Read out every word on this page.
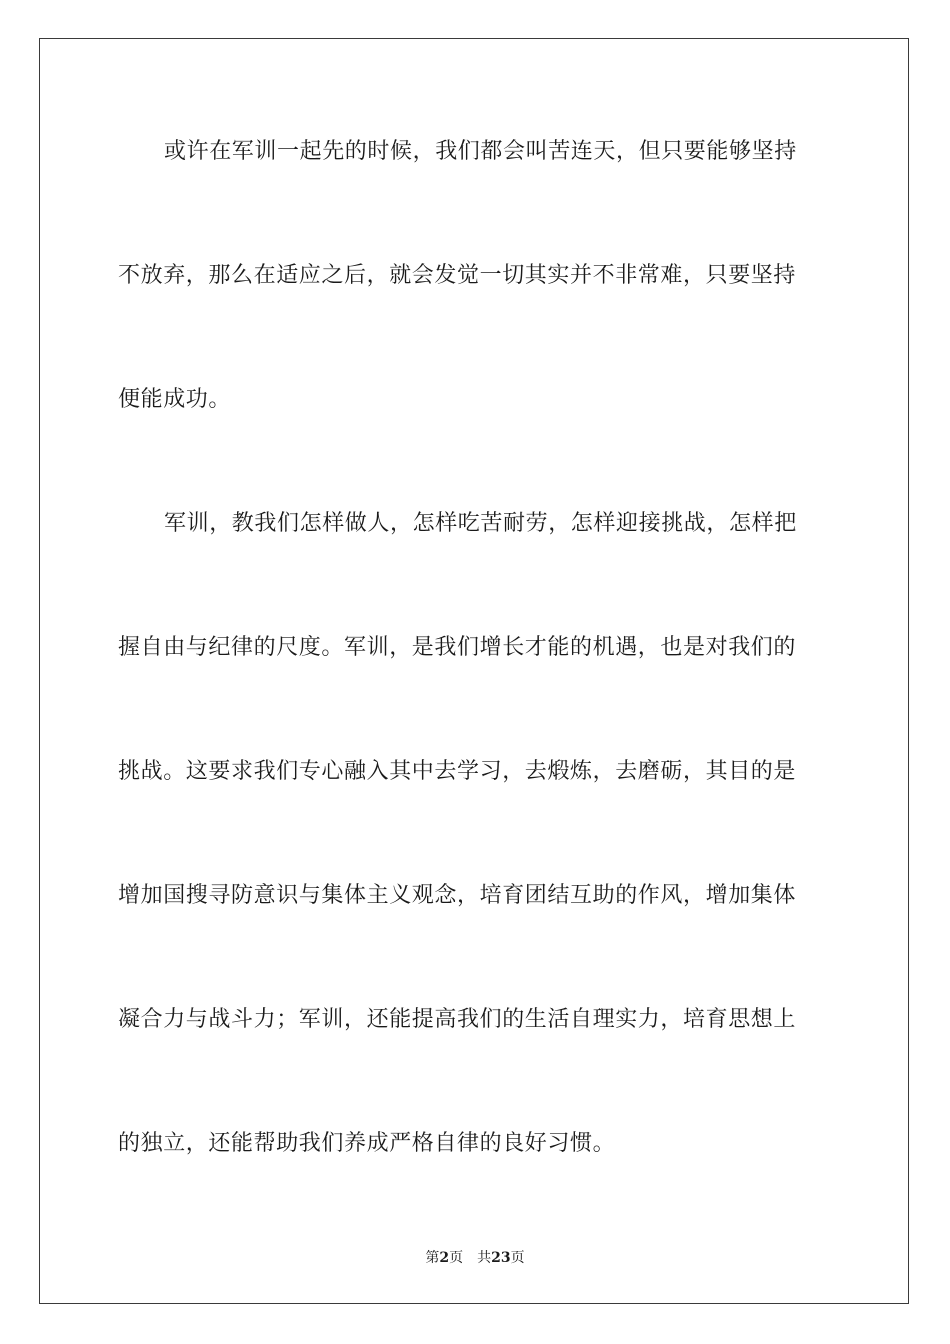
或许在军训一起先的时候，我们都会叫苦连天，但只要能够坚持
不放弃，那么在适应之后，就会发觉一切其实并不非常难，只要坚持
便能成功。
军训，教我们怎样做人，怎样吃苦耐劳，怎样迎接挑战，怎样把
握自由与纪律的尺度。军训，是我们增长才能的机遇，也是对我们的
挑战。这要求我们专心融入其中去学习，去煅炼，去磨砺，其目的是
增加国搜寻防意识与集体主义观念，培育团结互助的作风，增加集体
凝合力与战斗力；军训，还能提高我们的生活自理实力，培育思想上
的独立，还能帮助我们养成严格自律的良好习惯。
第2页 共23页
